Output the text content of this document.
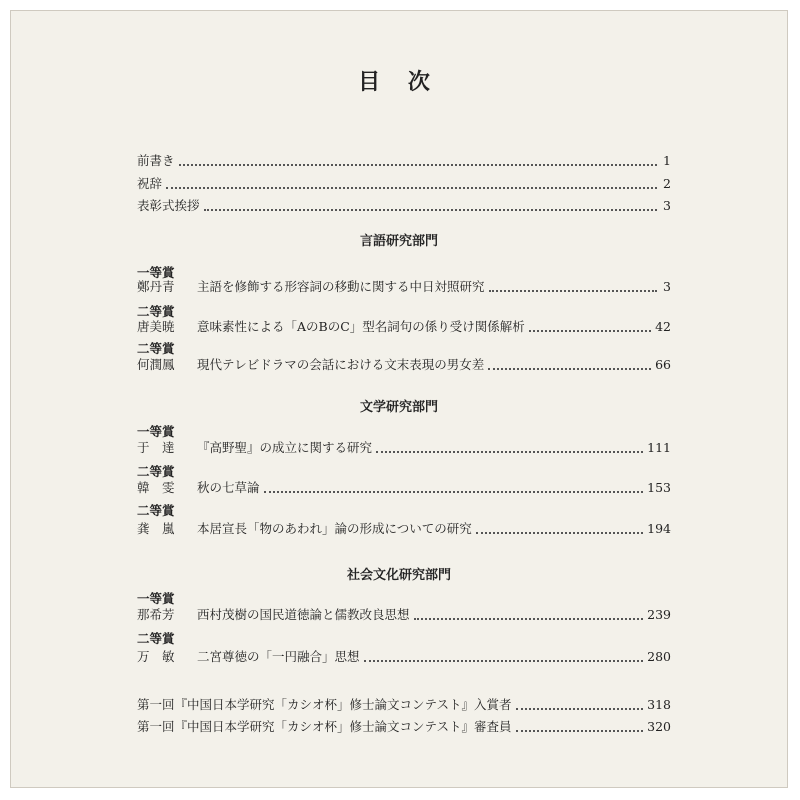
目 次
前書き	1
祝辞	2
表彰式挨拶	3
言語研究部門
一等賞
鄭丹青	主語を修飾する形容詞の移動に関する中日対照研究	3
二等賞
唐美暁	意味素性による「AのBのC」型名詞句の係り受け関係解析	42
二等賞
何潤鳳	現代テレビドラマの会話における文末表現の男女差	66
文学研究部門
一等賞
于　達	『高野聖』の成立に関する研究	111
二等賞
韓　雯	秋の七草論	153
二等賞
龚　嵐	本居宣長「物のあわれ」論の形成についての研究	194
社会文化研究部門
一等賞
那希芳	西村茂樹の国民道徳論と儒教改良思想	239
二等賞
万　敏	二宮尊徳の「一円融合」思想	280
第一回『中国日本学研究「カシオ杯」修士論文コンテスト』入賞者	318
第一回『中国日本学研究「カシオ杯」修士論文コンテスト』審査員	320
